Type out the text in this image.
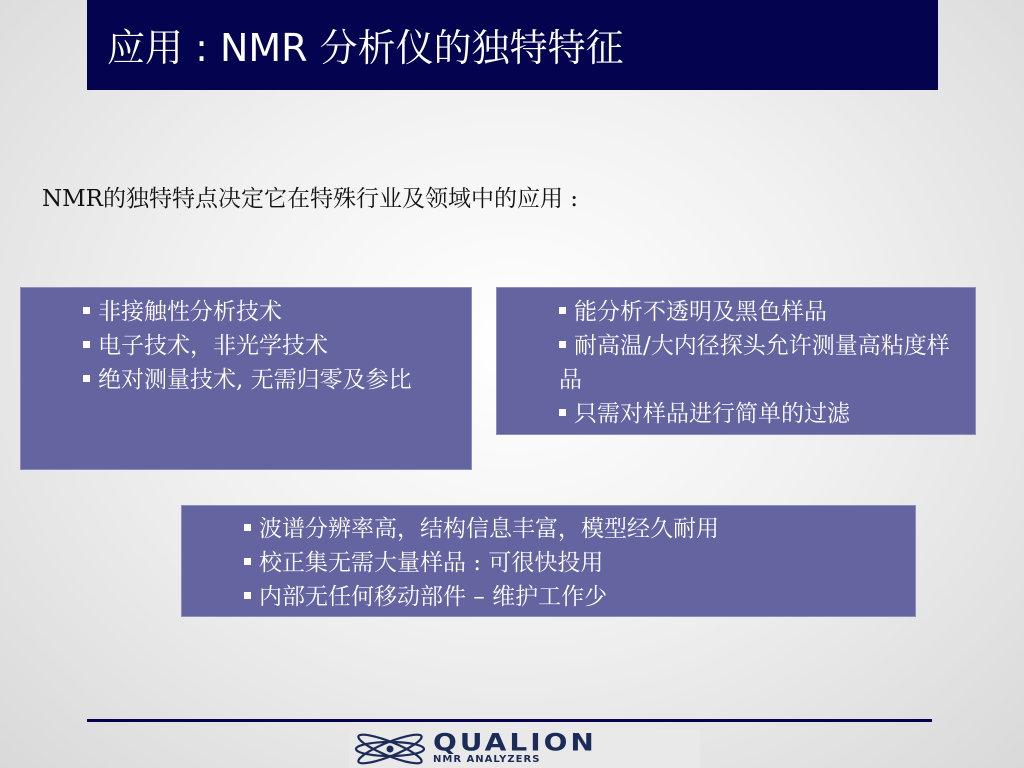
应用 : NMR 分析仪的独特特征
NMR的独特特点决定它在特殊行业及领域中的应用 :
非接触性分析技术
电子技术，非光学技术
绝对测量技术, 无需归零及参比
能分析不透明及黑色样品
耐高温/大内径探头允许测量高粘度样品
只需对样品进行简单的过滤
波谱分辨率高，结构信息丰富，模型经久耐用
校正集无需大量样品 : 可很快投用
内部无任何移动部件 – 维护工作少
QUALION
NMR ANALYZERS
